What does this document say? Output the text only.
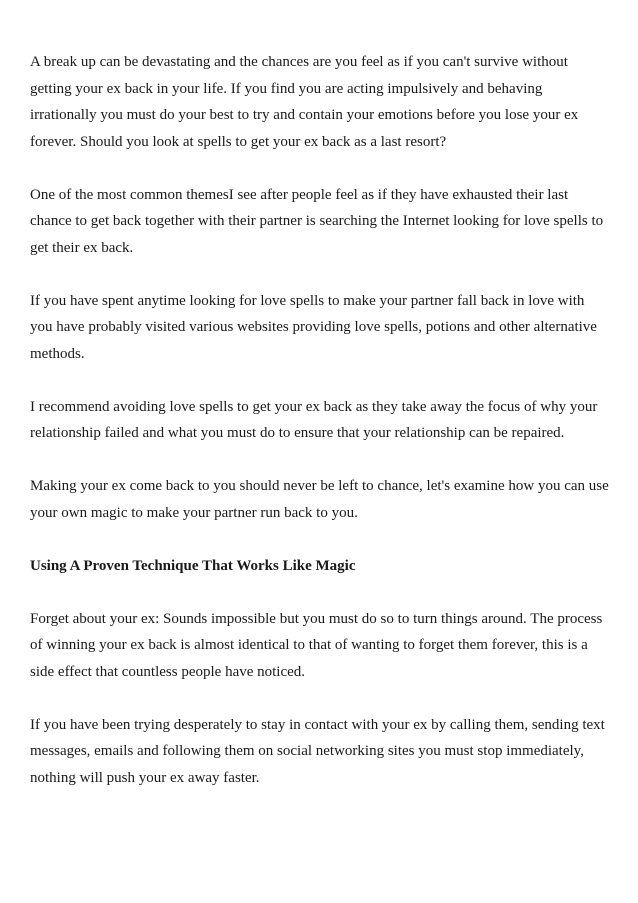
A break up can be devastating and the chances are you feel as if you can't survive without getting your ex back in your life. If you find you are acting impulsively and behaving irrationally you must do your best to try and contain your emotions before you lose your ex forever. Should you look at spells to get your ex back as a last resort?

One of the most common themesI see after people feel as if they have exhausted their last chance to get back together with their partner is searching the Internet looking for love spells to get their ex back.

If you have spent anytime looking for love spells to make your partner fall back in love with you have probably visited various websites providing love spells, potions and other alternative methods.

I recommend avoiding love spells to get your ex back as they take away the focus of why your relationship failed and what you must do to ensure that your relationship can be repaired.

Making your ex come back to you should never be left to chance, let's examine how you can use your own magic to make your partner run back to you.

Using A Proven Technique That Works Like Magic

Forget about your ex: Sounds impossible but you must do so to turn things around. The process of winning your ex back is almost identical to that of wanting to forget them forever, this is a side effect that countless people have noticed.

If you have been trying desperately to stay in contact with your ex by calling them, sending text messages, emails and following them on social networking sites you must stop immediately, nothing will push your ex away faster.
